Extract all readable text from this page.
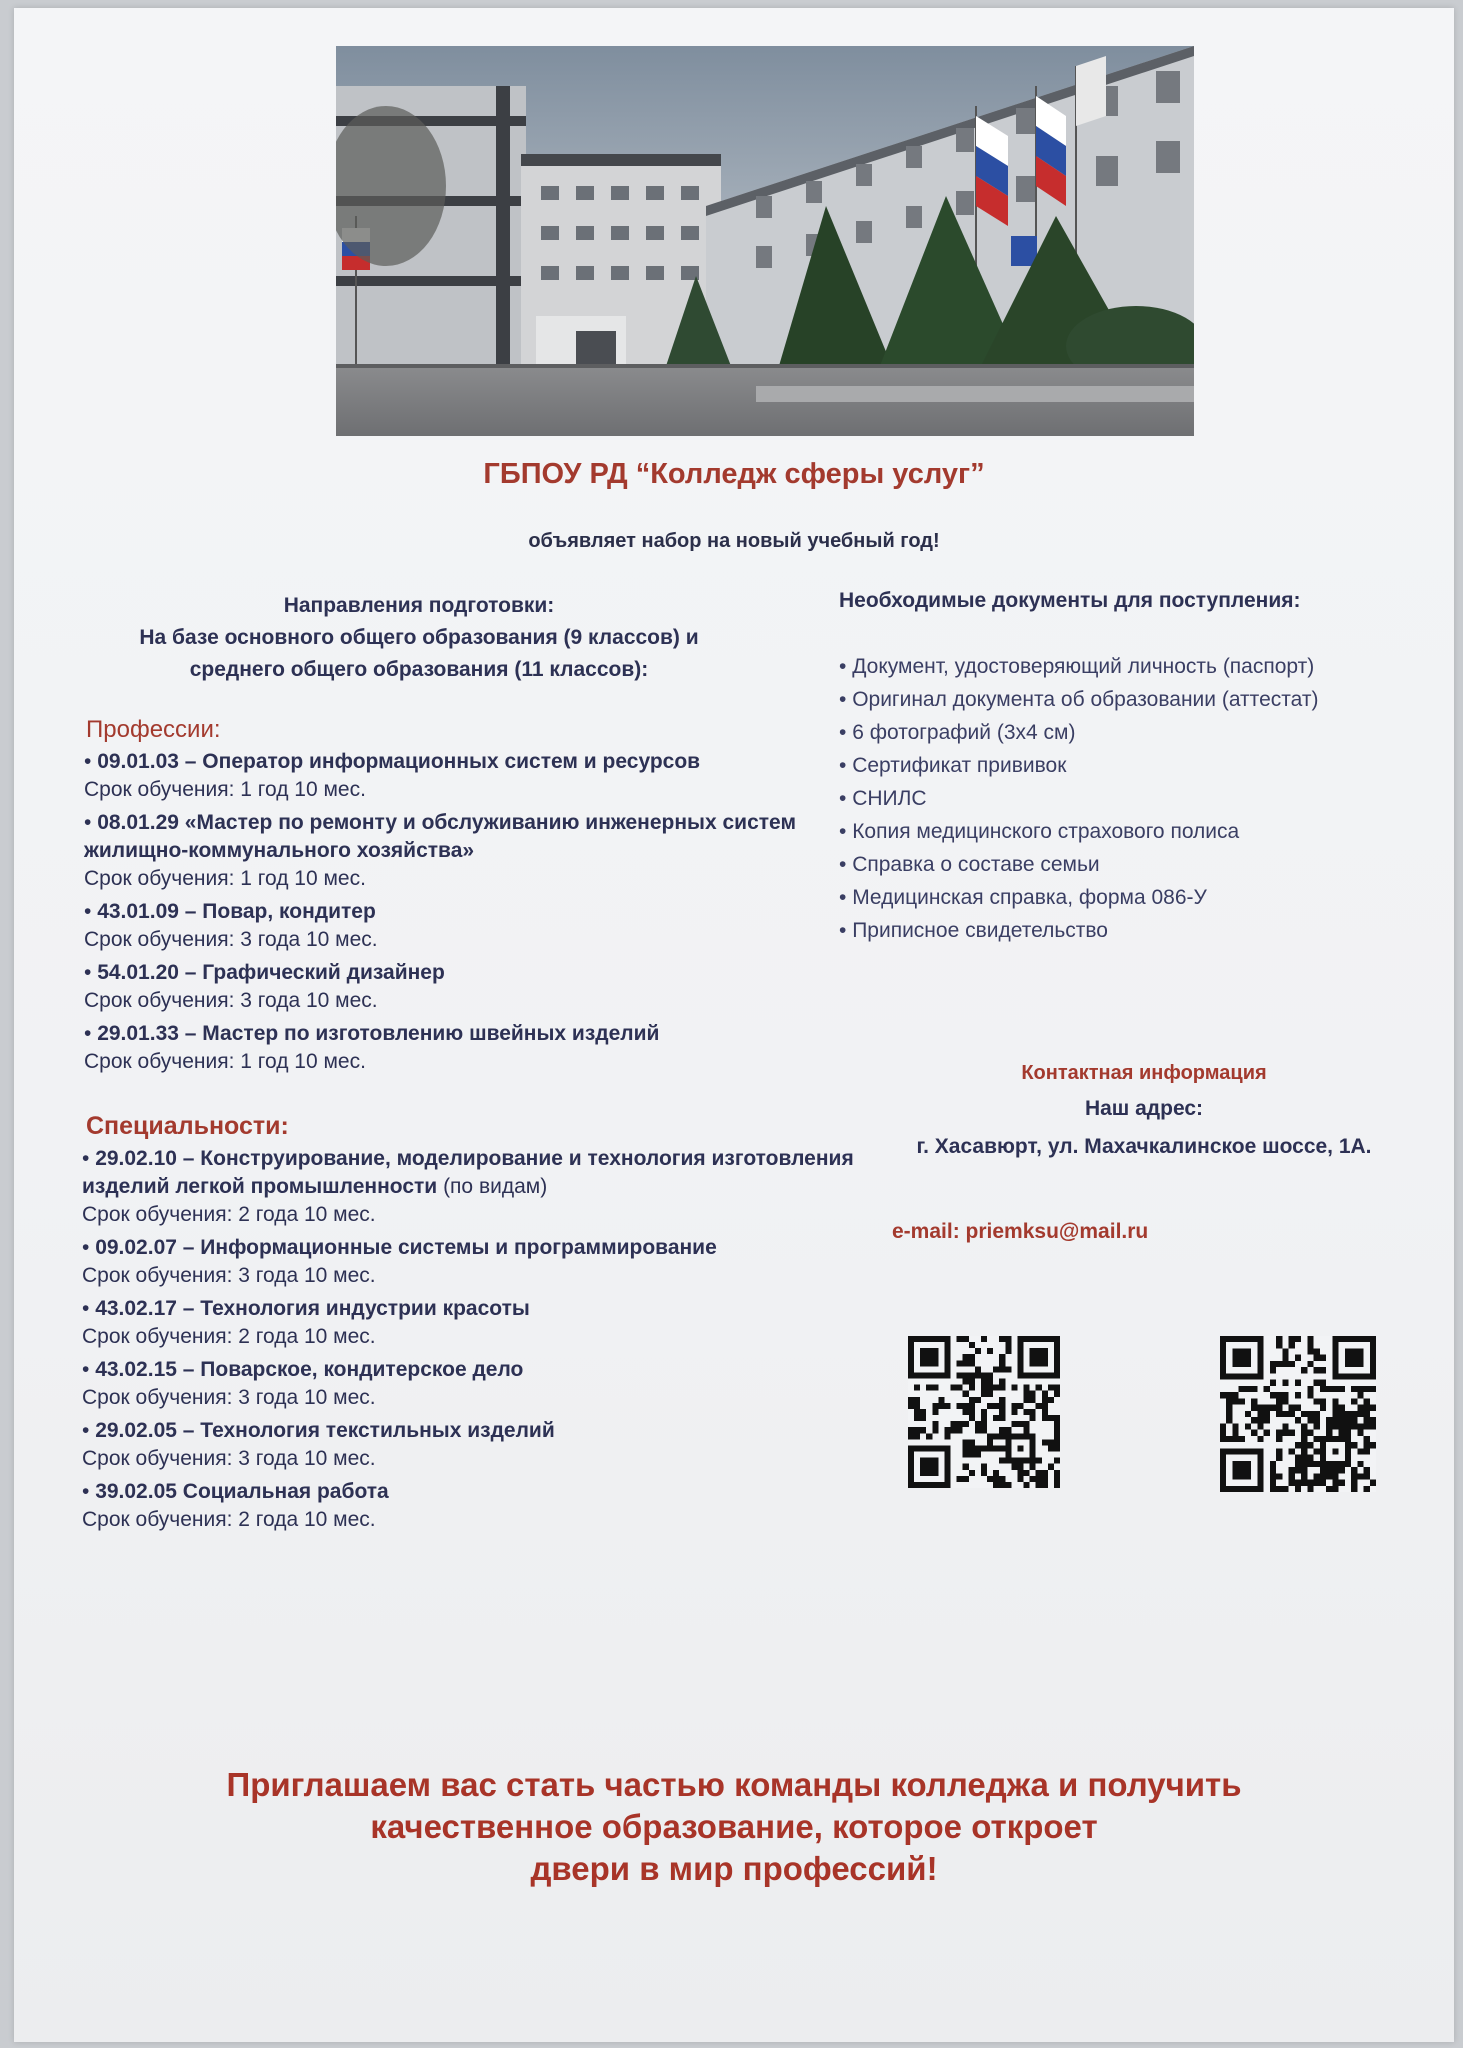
ГБПОУ РД “Колледж сферы услуг”
объявляет набор на новый учебный год!
Направления подготовки:
На базе основного общего образования (9 классов) и
среднего общего образования (11 классов):
Профессии:
• 09.01.03 – Оператор информационных систем и ресурсов
Срок обучения: 1 год 10 мес.
• 08.01.29 «Мастер по ремонту и обслуживанию инженерных систем жилищно-коммунального хозяйства»
Срок обучения: 1 год 10 мес.
• 43.01.09 – Повар, кондитер
Срок обучения: 3 года 10 мес.
• 54.01.20 – Графический дизайнер
Срок обучения: 3 года 10 мес.
• 29.01.33 – Мастер по изготовлению швейных изделий
Срок обучения: 1 год 10 мес.
Специальности:
• 29.02.10 – Конструирование, моделирование и технология изготовления изделий легкой промышленности (по видам)
Срок обучения: 2 года 10 мес.
• 09.02.07 – Информационные системы и программирование
Срок обучения: 3 года 10 мес.
• 43.02.17 – Технология индустрии красоты
Срок обучения: 2 года 10 мес.
• 43.02.15 – Поварское, кондитерское дело
Срок обучения: 3 года 10 мес.
• 29.02.05 – Технология текстильных изделий
Срок обучения: 3 года 10 мес.
• 39.02.05 Социальная работа
Срок обучения: 2 года 10 мес.
Необходимые документы для поступления:
• Документ, удостоверяющий личность (паспорт)
• Оригинал документа об образовании (аттестат)
• 6 фотографий (3х4 см)
• Сертификат прививок
• СНИЛС
• Копия медицинского страхового полиса
• Справка о составе семьи
• Медицинская справка, форма 086-У
• Приписное свидетельство
Контактная информация
Наш адрес:
г. Хасавюрт, ул. Махачкалинское шоссе, 1А.
e-mail: priemksu@mail.ru
Приглашаем вас стать частью команды колледжа и получить
качественное образование, которое откроет
двери в мир профессий!
